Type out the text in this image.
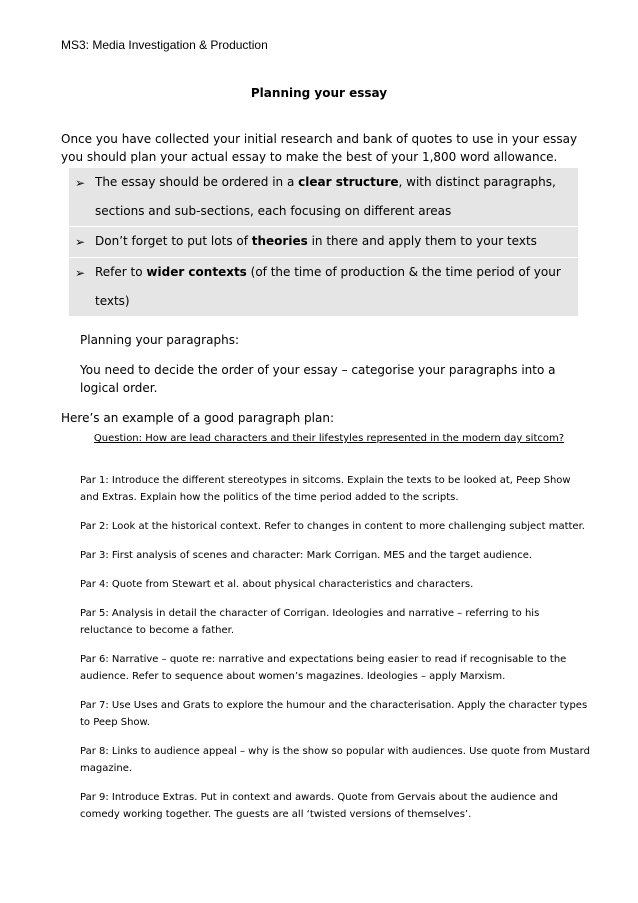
MS3: Media Investigation & Production
Planning your essay
Once you have collected your initial research and bank of quotes to use in your essay you should plan your actual essay to make the best of your 1,800 word allowance.
➢ The essay should be ordered in a clear structure, with distinct paragraphs,
sections and sub-sections, each focusing on different areas
➢ Don’t forget to put lots of theories in there and apply them to your texts
➢ Refer to wider contexts (of the time of production & the time period of your
texts)
Planning your paragraphs:
You need to decide the order of your essay – categorise your paragraphs into a logical order.
Here’s an example of a good paragraph plan:
Question: How are lead characters and their lifestyles represented in the modern day sitcom?

Par 1: Introduce the different stereotypes in sitcoms. Explain the texts to be looked at, Peep Show and Extras. Explain how the politics of the time period added to the scripts.

Par 2: Look at the historical context. Refer to changes in content to more challenging subject matter.

Par 3: First analysis of scenes and character: Mark Corrigan. MES and the target audience.

Par 4: Quote from Stewart et al. about physical characteristics and characters.

Par 5: Analysis in detail the character of Corrigan. Ideologies and narrative – referring to his reluctance to become a father.

Par 6: Narrative – quote re: narrative and expectations being easier to read if recognisable to the audience. Refer to sequence about women’s magazines. Ideologies – apply Marxism.

Par 7: Use Uses and Grats to explore the humour and the characterisation. Apply the character types to Peep Show.

Par 8: Links to audience appeal – why is the show so popular with audiences. Use quote from Mustard magazine.

Par 9: Introduce Extras. Put in context and awards. Quote from Gervais about the audience and comedy working together. The guests are all ‘twisted versions of themselves’.
